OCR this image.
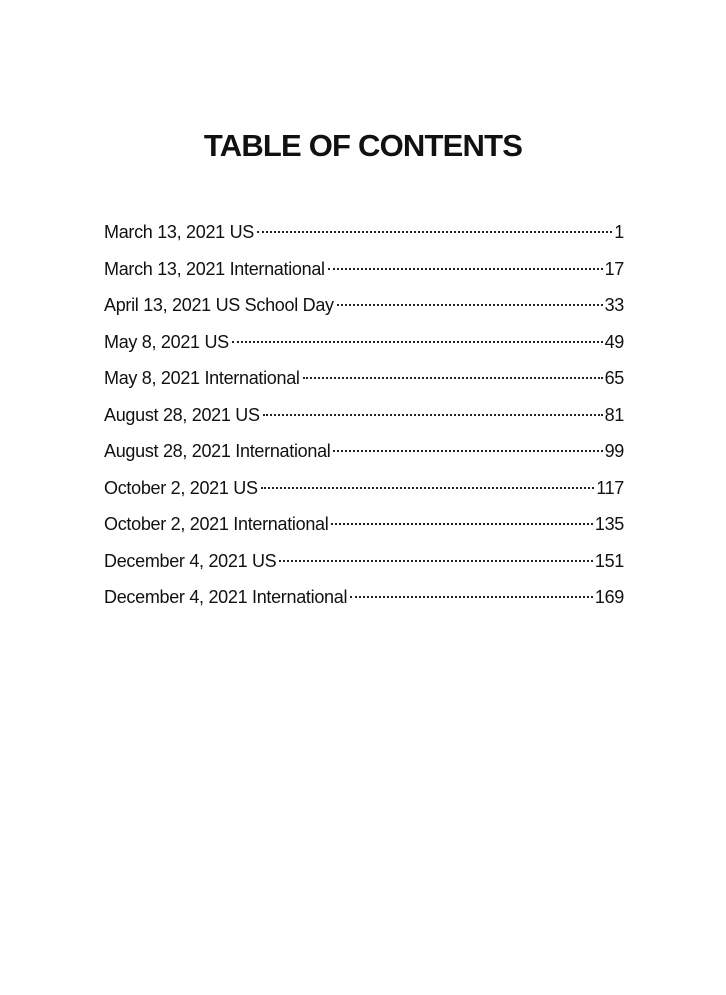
TABLE OF CONTENTS
March 13, 2021 US	1
March 13, 2021 International	17
April 13, 2021 US School Day	33
May 8, 2021 US	49
May 8, 2021 International	65
August 28, 2021 US	81
August 28, 2021 International	99
October 2, 2021 US	117
October 2, 2021 International	135
December 4, 2021 US	151
December 4, 2021 International	169
